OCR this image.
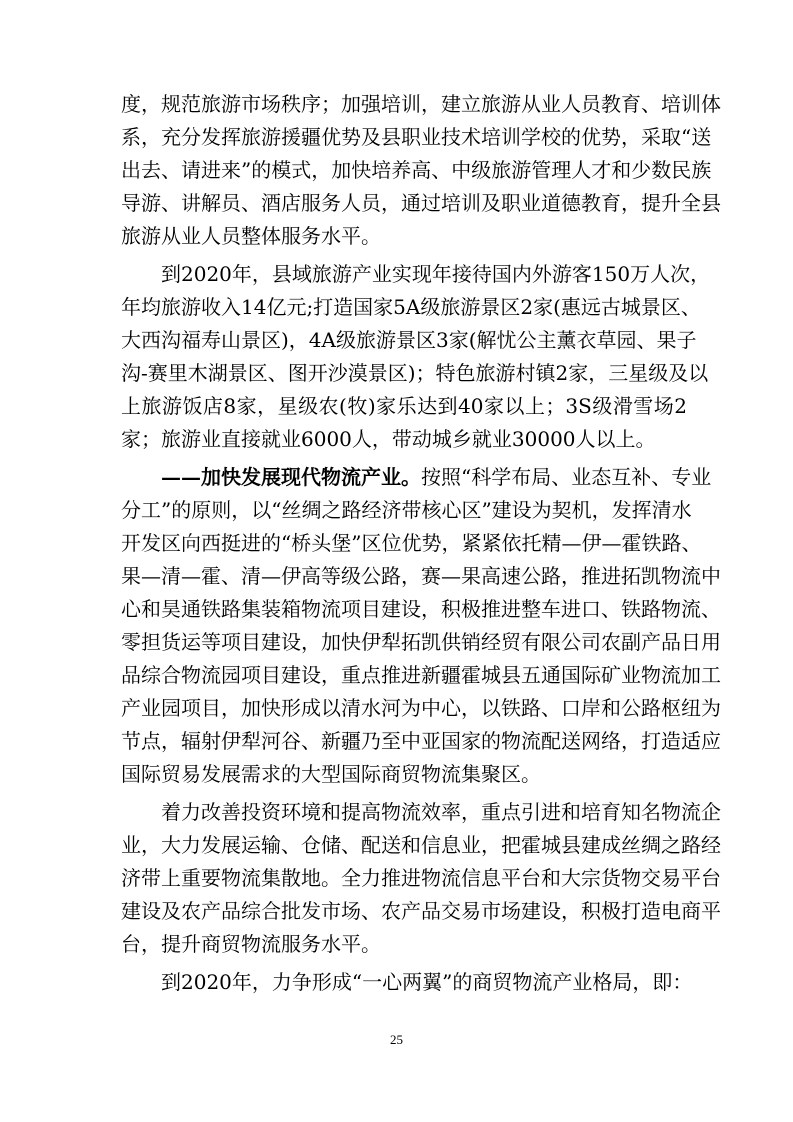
度，规范旅游市场秩序；加强培训，建立旅游从业人员教育、培训体
系，充分发挥旅游援疆优势及县职业技术培训学校的优势，采取“送
出去、请进来”的模式，加快培养高、中级旅游管理人才和少数民族
导游、讲解员、酒店服务人员，通过培训及职业道德教育，提升全县
旅游从业人员整体服务水平。

到2020年，县域旅游产业实现年接待国内外游客150万人次，
年均旅游收入14亿元;打造国家5A级旅游景区2家(惠远古城景区、
大西沟福寿山景区)，4A级旅游景区3家(解忧公主薰衣草园、果子
沟-赛里木湖景区、图开沙漠景区)；特色旅游村镇2家，三星级及以
上旅游饭店8家，星级农(牧)家乐达到40家以上；3S级滑雪场2
家；旅游业直接就业6000人，带动城乡就业30000人以上。

——加快发展现代物流产业。按照“科学布局、业态互补、专业
分工”的原则，以“丝绸之路经济带核心区”建设为契机，发挥清水
开发区向西挺进的“桥头堡”区位优势，紧紧依托精—伊—霍铁路、
果—清—霍、清—伊高等级公路，赛—果高速公路，推进拓凯物流中
心和昊通铁路集装箱物流项目建设，积极推进整车进口、铁路物流、
零担货运等项目建设，加快伊犁拓凯供销经贸有限公司农副产品日用
品综合物流园项目建设，重点推进新疆霍城县五通国际矿业物流加工
产业园项目，加快形成以清水河为中心，以铁路、口岸和公路枢纽为
节点，辐射伊犁河谷、新疆乃至中亚国家的物流配送网络，打造适应
国际贸易发展需求的大型国际商贸物流集聚区。

着力改善投资环境和提高物流效率，重点引进和培育知名物流企
业，大力发展运输、仓储、配送和信息业，把霍城县建成丝绸之路经
济带上重要物流集散地。全力推进物流信息平台和大宗货物交易平台
建设及农产品综合批发市场、农产品交易市场建设，积极打造电商平
台，提升商贸物流服务水平。

到2020年，力争形成“一心两翼”的商贸物流产业格局，即：

25
